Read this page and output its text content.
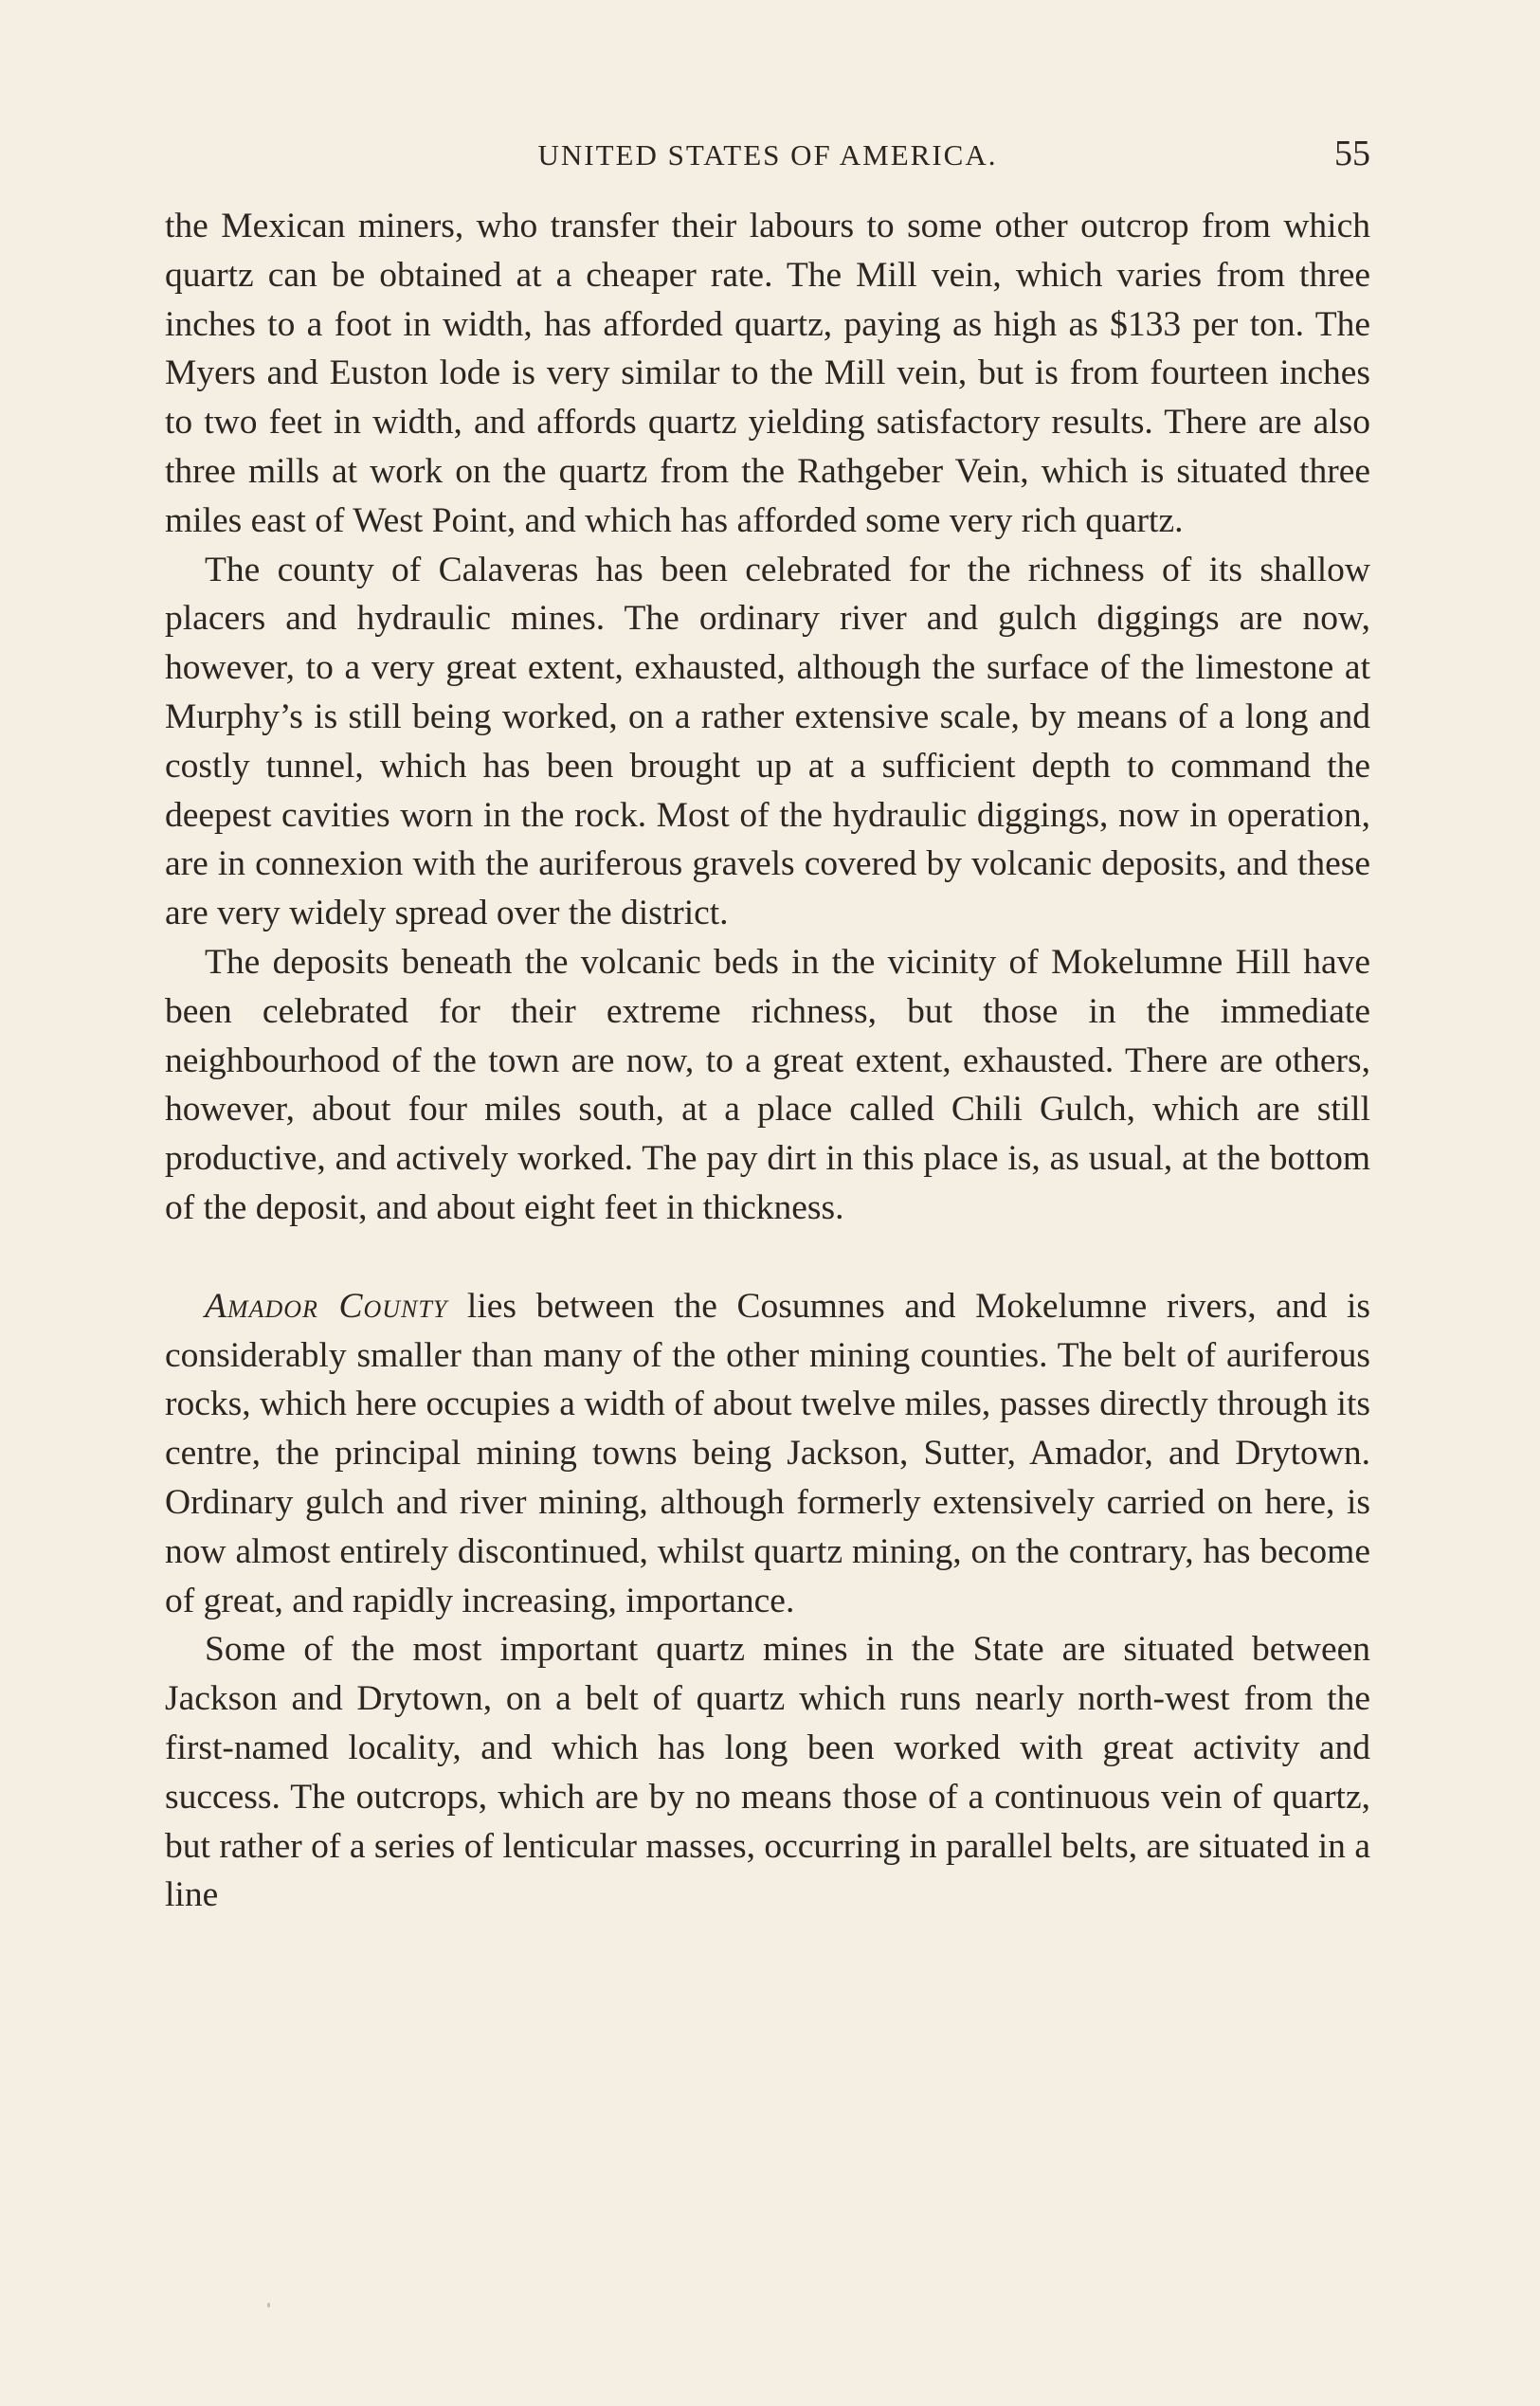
UNITED STATES OF AMERICA.	55

the Mexican miners, who transfer their labours to some other outcrop from which quartz can be obtained at a cheaper rate. The Mill vein, which varies from three inches to a foot in width, has afforded quartz, paying as high as $133 per ton. The Myers and Euston lode is very similar to the Mill vein, but is from fourteen inches to two feet in width, and affords quartz yielding satisfactory results. There are also three mills at work on the quartz from the Rathgeber Vein, which is situated three miles east of West Point, and which has afforded some very rich quartz.

The county of Calaveras has been celebrated for the richness of its shallow placers and hydraulic mines. The ordinary river and gulch diggings are now, however, to a very great extent, exhausted, although the surface of the limestone at Murphy’s is still being worked, on a rather extensive scale, by means of a long and costly tunnel, which has been brought up at a sufficient depth to command the deepest cavities worn in the rock. Most of the hydraulic diggings, now in operation, are in connexion with the auriferous gravels covered by volcanic deposits, and these are very widely spread over the district.

The deposits beneath the volcanic beds in the vicinity of Mokelumne Hill have been celebrated for their extreme richness, but those in the immediate neighbourhood of the town are now, to a great extent, exhausted. There are others, however, about four miles south, at a place called Chili Gulch, which are still productive, and actively worked. The pay dirt in this place is, as usual, at the bottom of the deposit, and about eight feet in thickness.

Amador County lies between the Cosumnes and Mokelumne rivers, and is considerably smaller than many of the other mining counties. The belt of auriferous rocks, which here occupies a width of about twelve miles, passes directly through its centre, the principal mining towns being Jackson, Sutter, Amador, and Drytown. Ordinary gulch and river mining, although formerly extensively carried on here, is now almost entirely discontinued, whilst quartz mining, on the contrary, has become of great, and rapidly increasing, importance.

Some of the most important quartz mines in the State are situated between Jackson and Drytown, on a belt of quartz which runs nearly north-west from the first-named locality, and which has long been worked with great activity and success. The outcrops, which are by no means those of a continuous vein of quartz, but rather of a series of lenticular masses, occurring in parallel belts, are situated in a line
